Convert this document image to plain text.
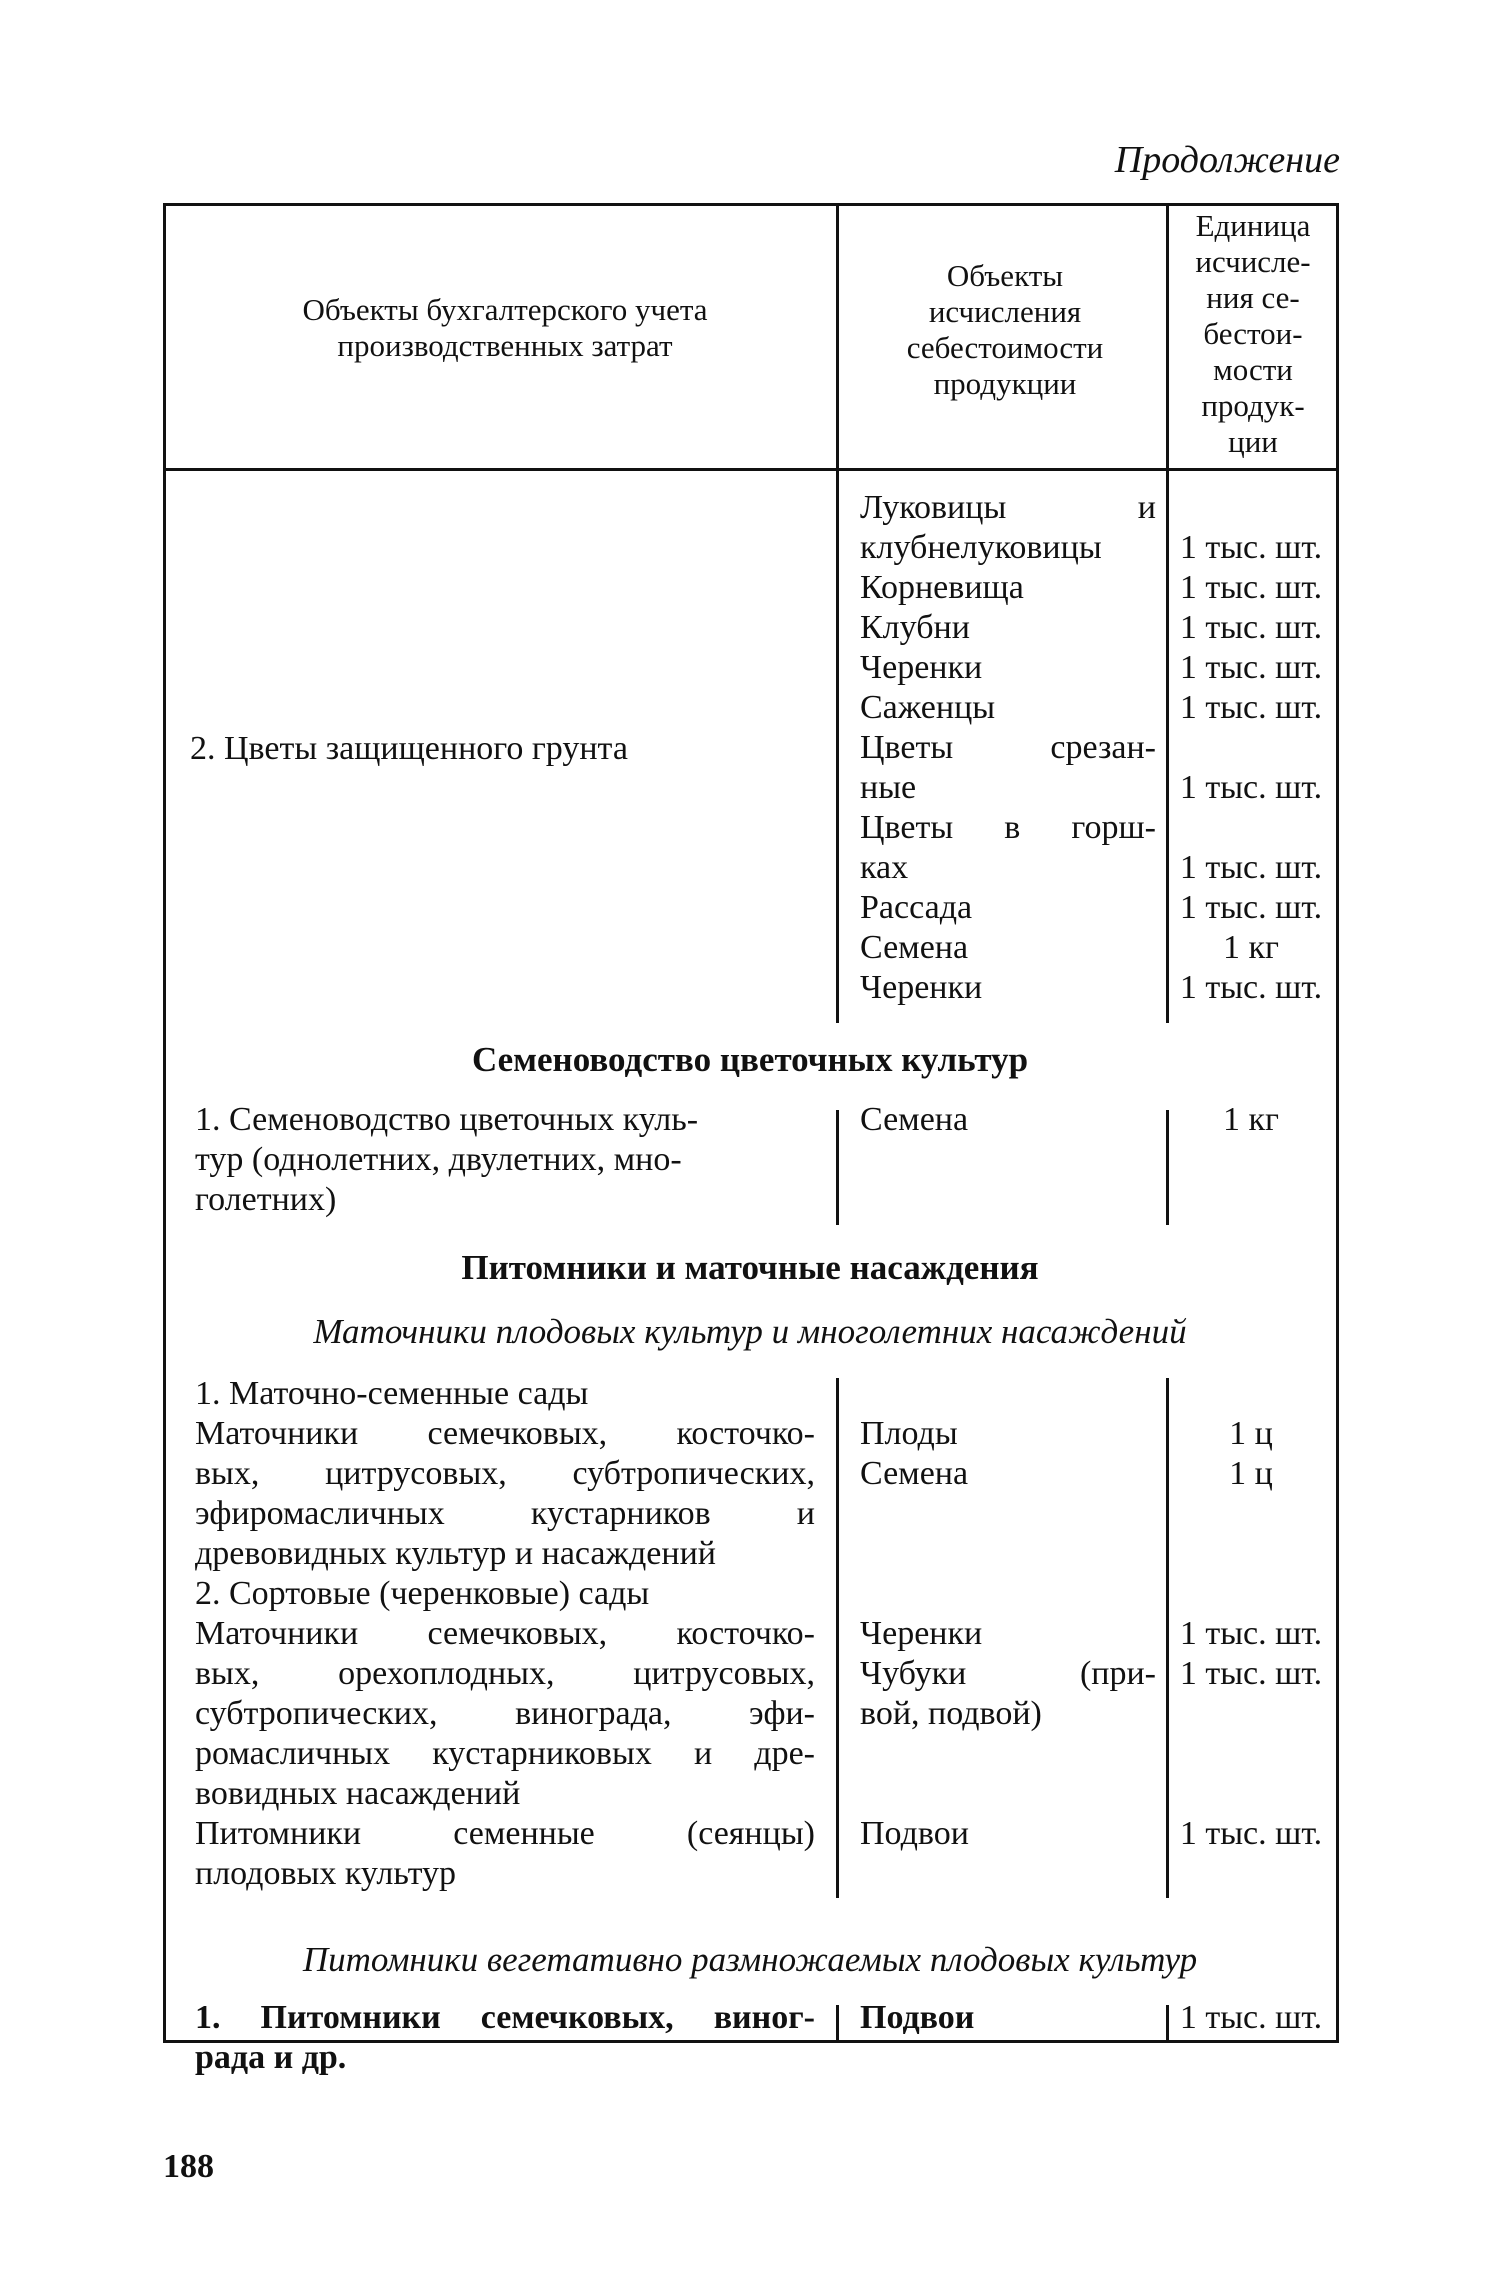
Продолжение
Объекты бухгалтерского учета производственных затрат
Объекты исчисления себестоимости продукции
Единица
исчисле-
ния се-
бестои-
мости
продук-
ции
2. Цветы защищенного грунта
Луковицы и
клубнелуковицы
Корневища
Клубни
Черенки
Саженцы
Цветы срезан-
ные
Цветы в горш-
ках
Рассада
Семена
Черенки

1 тыс. шт.
1 тыс. шт.
1 тыс. шт.
1 тыс. шт.
1 тыс. шт.

1 тыс. шт.

1 тыс. шт.
1 тыс. шт.
1 кг
1 тыс. шт.
Семеноводство цветочных культур
1. Семеноводство цветочных куль-
тур (однолетних, двулетних, мно-
голетних)
Семена	1 кг
Питомники и маточные насаждения
Маточники плодовых культур и многолетних насаждений
1. Маточно-семенные сады
Маточники семечковых, косточко-
вых, цитрусовых, субтропических,
эфиромасличных кустарников и
древовидных культур и насаждений
2. Сортовые (черенковые) сады
Маточники семечковых, косточко-
вых, орехоплодных, цитрусовых,
субтропических, винограда, эфи-
ромасличных кустарниковых и дре-
вовидных насаждений
Питомники семенные (сеянцы)
плодовых культур
Плоды
Семена
Черенки
Чубуки (при-
вой, подвой)
Подвои
1 ц
1 ц
1 тыс. шт.
1 тыс. шт.
1 тыс. шт.
Питомники вегетативно размножаемых плодовых культур
1. Питомники семечковых, виног-
рада и др.
Подвои	1 тыс. шт.
188
